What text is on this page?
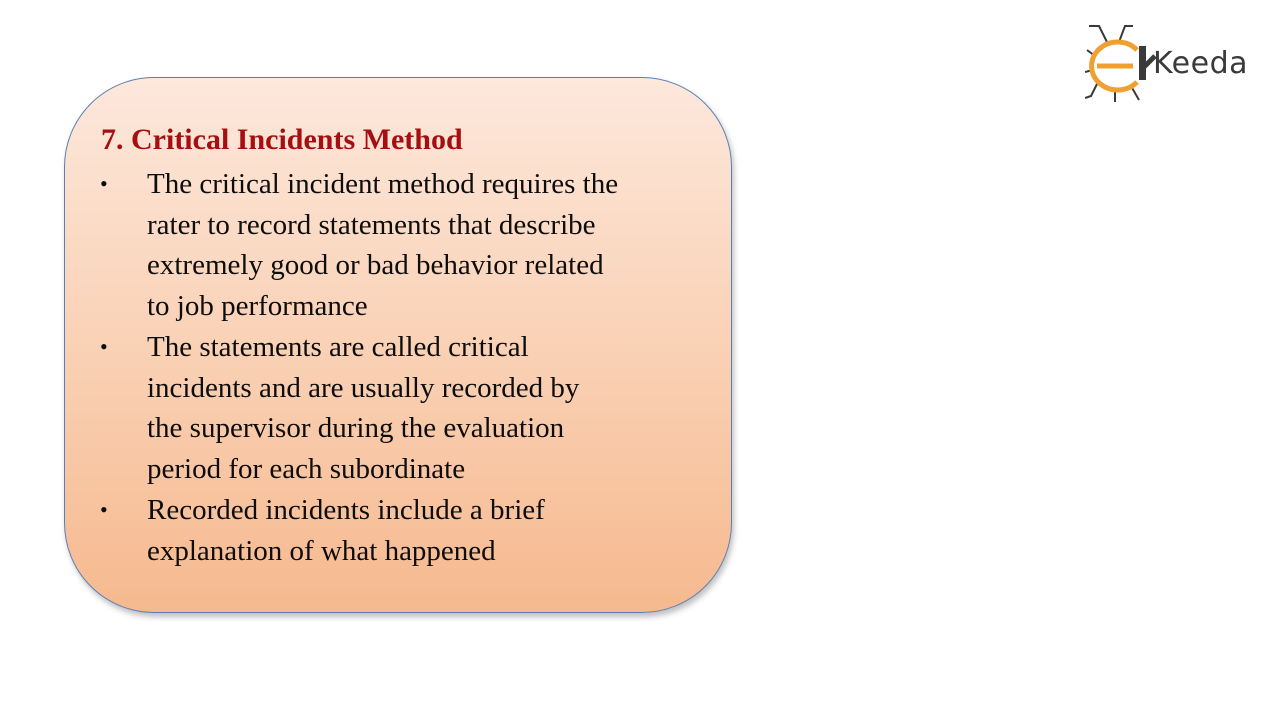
7. Critical Incidents Method
•	The critical incident method requires the
rater to record statements that describe
extremely good or bad behavior related
to job performance
•	The statements are called critical
incidents and are usually recorded by
the supervisor during the evaluation
period for each subordinate
•	Recorded incidents include a brief
explanation of what happened
Keeda
